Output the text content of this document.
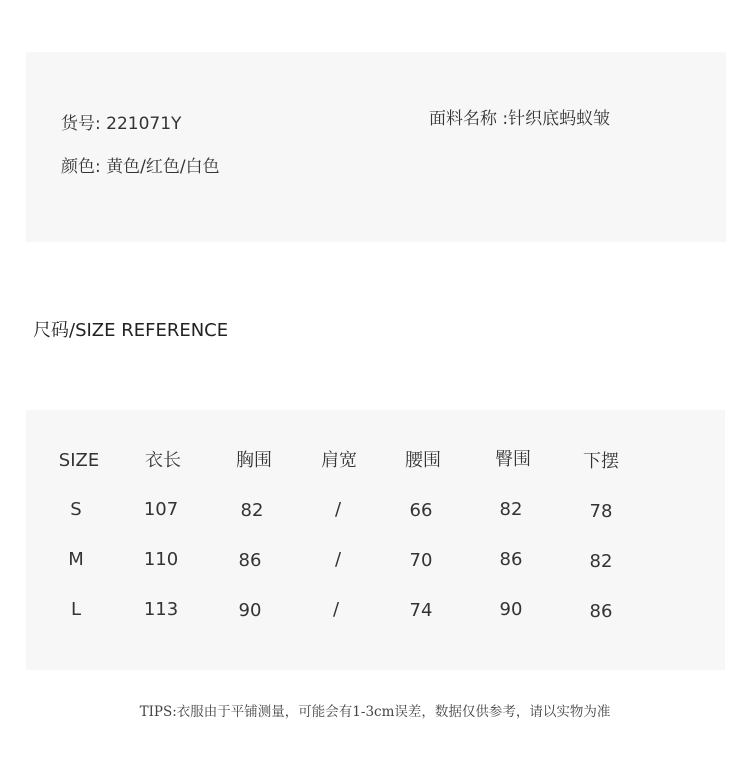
货号: 221071Y	面料名称 :针织底蚂蚁皱
颜色: 黄色/红色/白色
尺码/SIZE REFERENCE
SIZE	衣长	胸围	肩宽	腰围	臀围	下摆
S	107	82	/	66	82	78
M	110	86	/	70	86	82
L	113	90	/	74	90	86
TIPS:衣服由于平铺测量，可能会有1-3cm误差，数据仅供参考，请以实物为准
